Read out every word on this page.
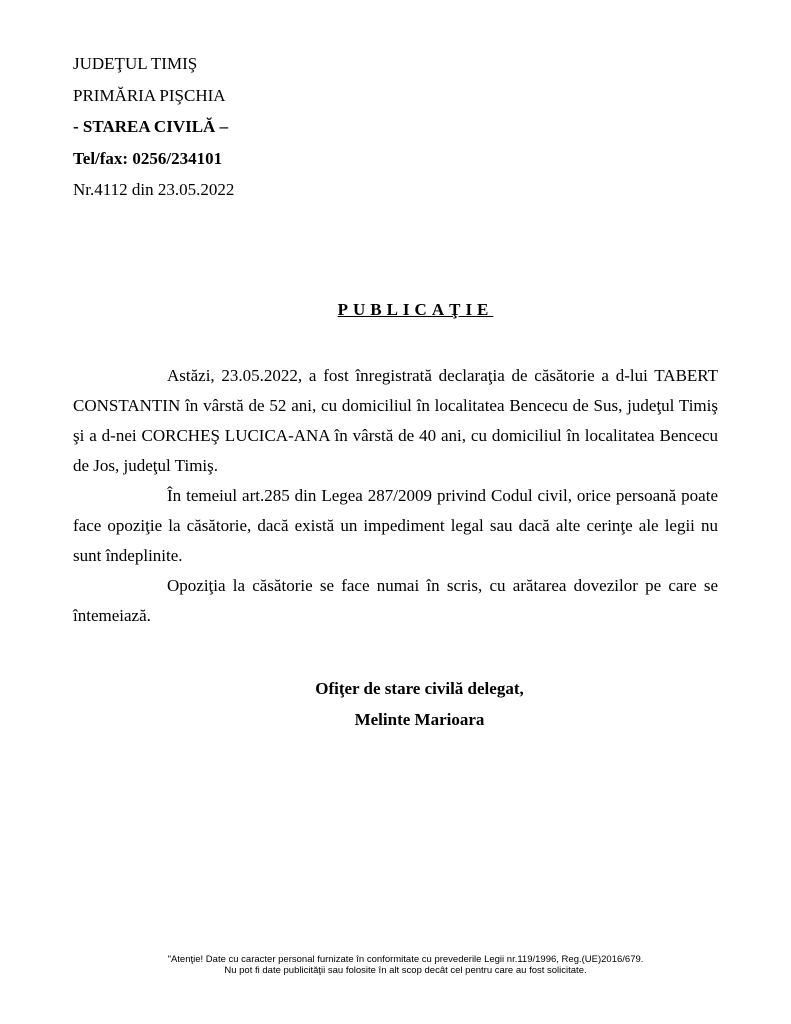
JUDEŢUL TIMIŞ
PRIMĂRIA PIŞCHIA
- STAREA CIVILĂ –
Tel/fax: 0256/234101
Nr.4112 din 23.05.2022
PUBLICAŢIE

Astăzi, 23.05.2022, a fost înregistrată declaraţia de căsătorie a d-lui TABERT CONSTANTIN în vârstă de 52 ani, cu domiciliul în localitatea Bencecu de Sus, judeţul Timiş şi a d-nei CORCHEŞ LUCICA-ANA în vârstă de 40 ani, cu domiciliul în localitatea Bencecu de Jos, judeţul Timiş.

În temeiul art.285 din Legea 287/2009 privind Codul civil, orice persoană poate face opoziţie la căsătorie, dacă există un impediment legal sau dacă alte cerinţe ale legii nu sunt îndeplinite.

Opoziţia la căsătorie se face numai în scris, cu arătarea dovezilor pe care se întemeiază.

Ofiţer de stare civilă delegat,
Melinte Marioara
"Atenţie! Date cu caracter personal furnizate în conformitate cu prevederile Legii nr.119/1996, Reg.(UE)2016/679.
Nu pot fi date publicităţii sau folosite în alt scop decât cel pentru care au fost solicitate.
